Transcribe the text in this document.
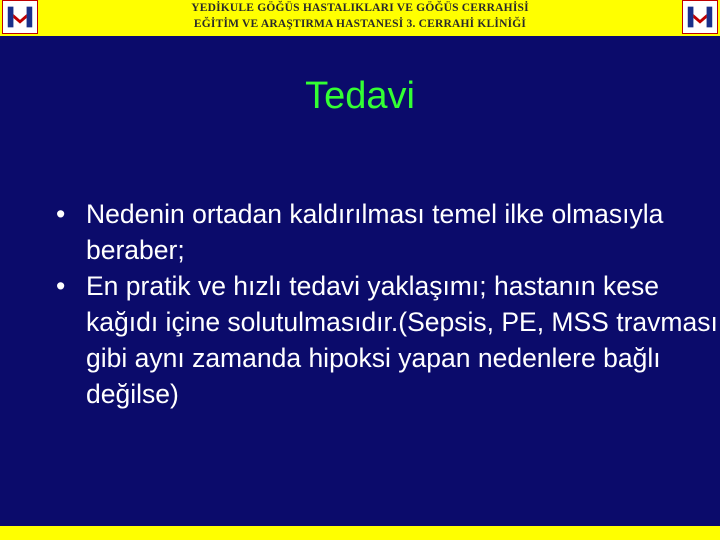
YEDİKULE GÖĞÜS HASTALIKLARI VE GÖĞÜS CERRAHİSİ
EĞİTİM VE ARAŞTIRMA HASTANESİ 3. CERRAHİ KLİNİĞİ
Tedavi
• Nedenin ortadan kaldırılması temel ilke olmasıyla beraber;
• En pratik ve hızlı tedavi yaklaşımı; hastanın kese kağıdı içine solutulmasıdır.(Sepsis, PE, MSS travması gibi aynı zamanda hipoksi yapan nedenlere bağlı değilse)
